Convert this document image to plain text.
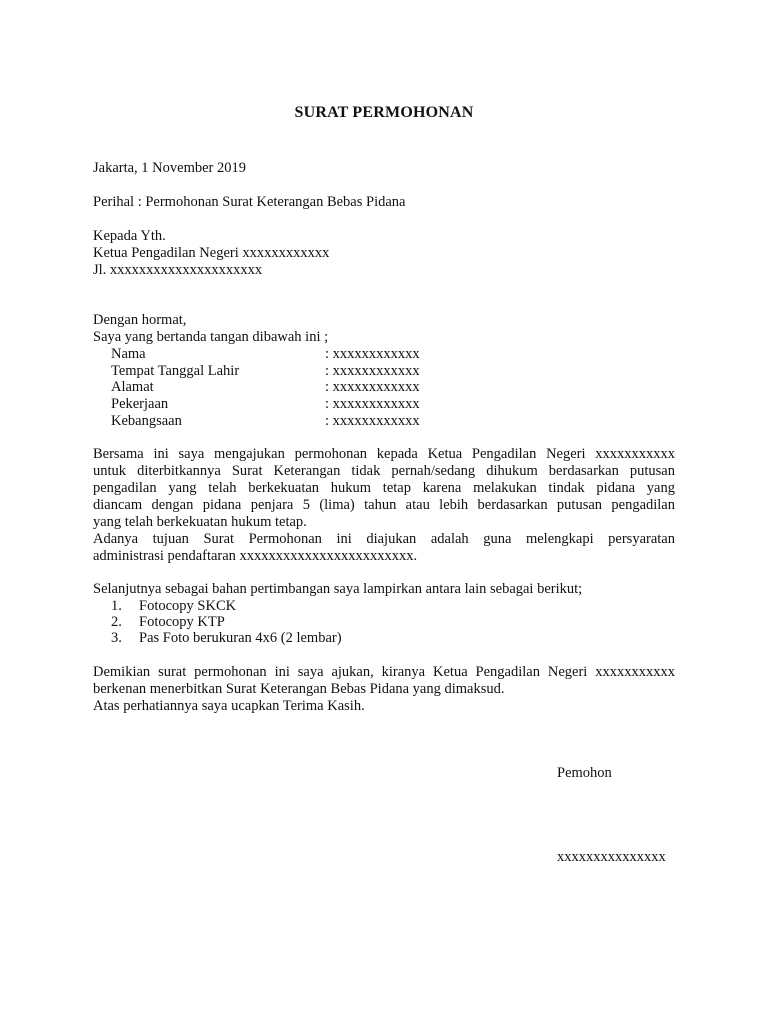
SURAT PERMOHONAN
Jakarta, 1 November 2019
Perihal : Permohonan Surat Keterangan Bebas Pidana
Kepada Yth.
Ketua Pengadilan Negeri xxxxxxxxxxxx
Jl. xxxxxxxxxxxxxxxxxxxxx
Dengan hormat,
Saya yang bertanda tangan dibawah ini ;
Nama	: xxxxxxxxxxxx
Tempat Tanggal Lahir	: xxxxxxxxxxxx
Alamat	: xxxxxxxxxxxx
Pekerjaan	: xxxxxxxxxxxx
Kebangsaan	: xxxxxxxxxxxx
Bersama ini saya mengajukan permohonan kepada Ketua Pengadilan Negeri xxxxxxxxxxx
untuk diterbitkannya Surat Keterangan tidak pernah/sedang dihukum berdasarkan putusan
pengadilan yang telah berkekuatan hukum tetap karena melakukan tindak pidana yang
diancam dengan pidana penjara 5 (lima) tahun atau lebih berdasarkan putusan pengadilan
yang telah berkekuatan hukum tetap.
Adanya tujuan Surat Permohonan ini diajukan adalah guna melengkapi persyaratan
administrasi pendaftaran xxxxxxxxxxxxxxxxxxxxxxxx.
Selanjutnya sebagai bahan pertimbangan saya lampirkan antara lain sebagai berikut;
1. Fotocopy SKCK
2. Fotocopy KTP
3. Pas Foto berukuran 4x6 (2 lembar)
Demikian surat permohonan ini saya ajukan, kiranya Ketua Pengadilan Negeri xxxxxxxxxxx
berkenan menerbitkan Surat Keterangan Bebas Pidana yang dimaksud.
Atas perhatiannya saya ucapkan Terima Kasih.
Pemohon
xxxxxxxxxxxxxxx
